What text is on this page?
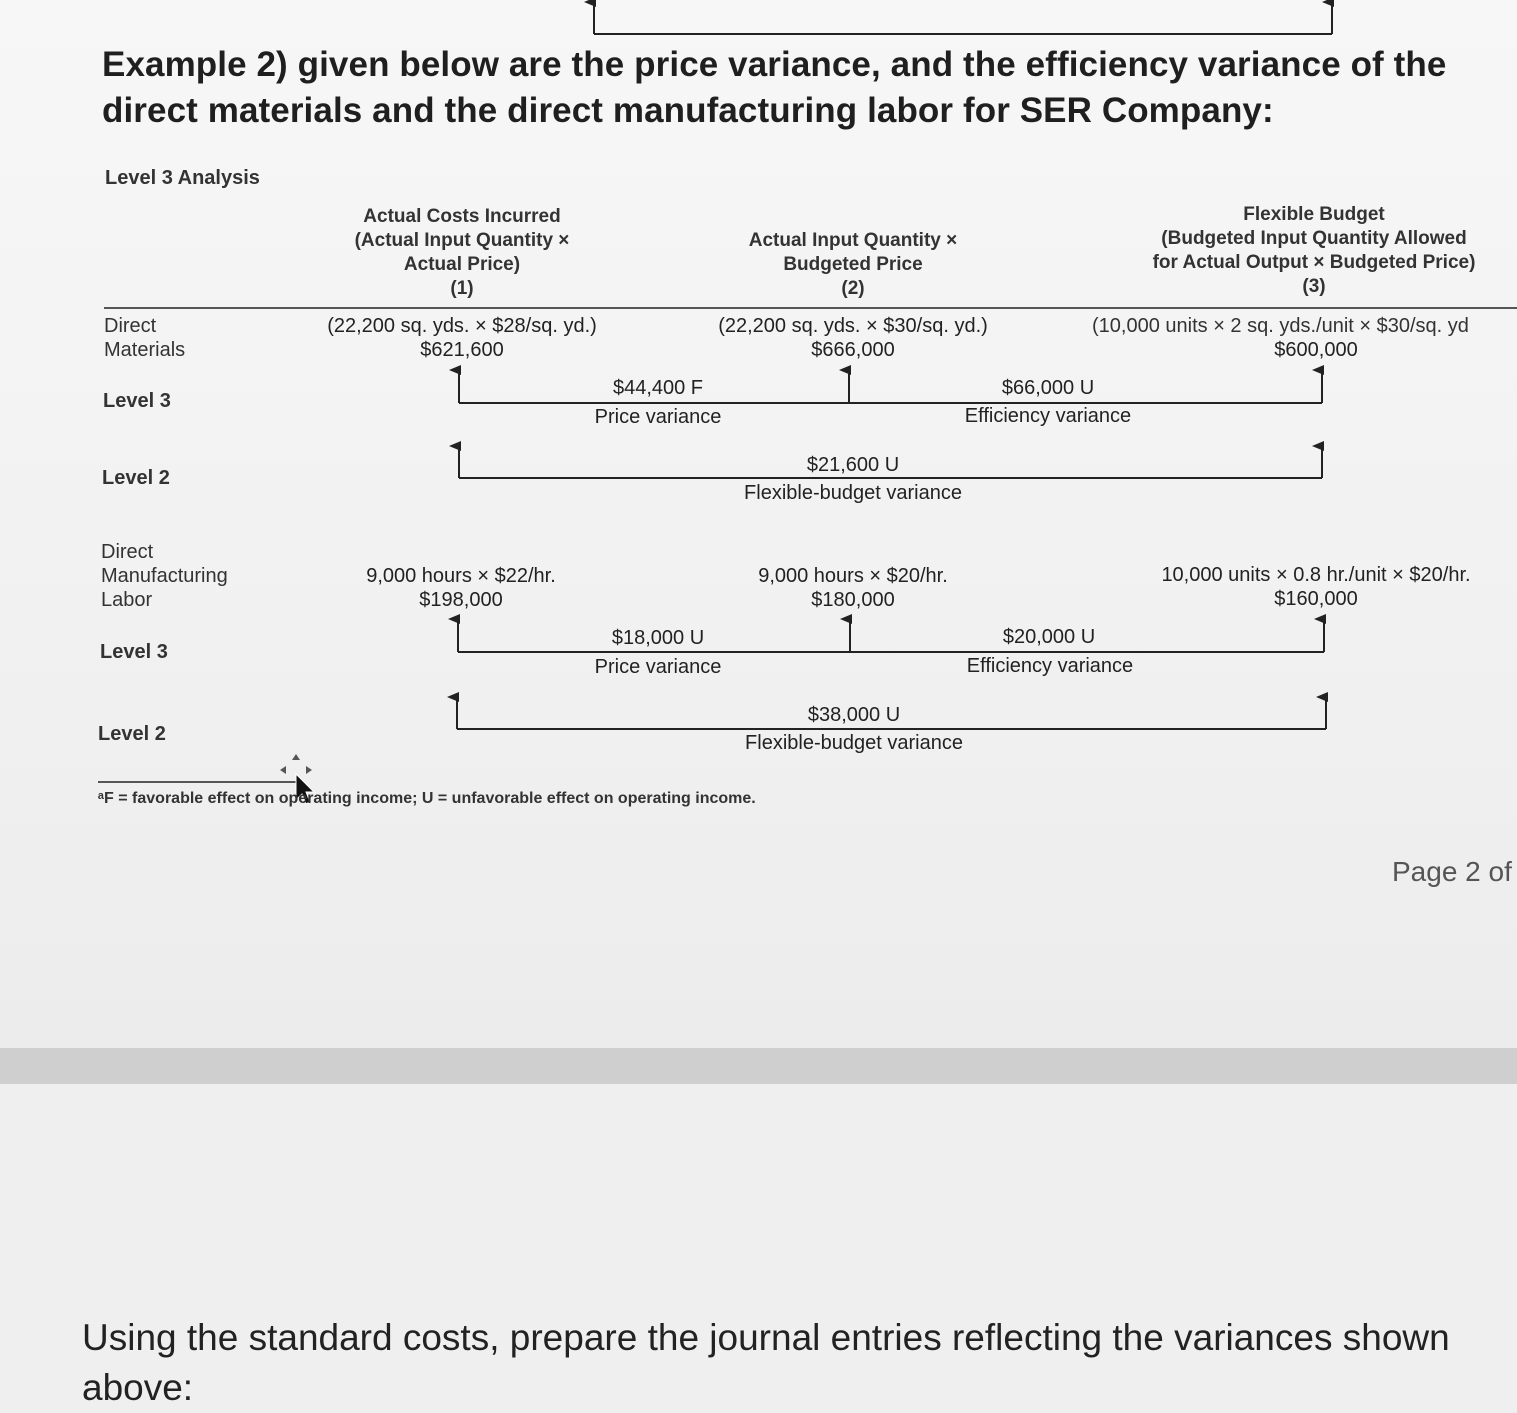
Example 2) given below are the price variance, and the efficiency variance of the
direct materials and the direct manufacturing labor for SER Company:
Level 3 Analysis
Actual Costs Incurred
(Actual Input Quantity ×
Actual Price)
(1)
Actual Input Quantity ×
Budgeted Price
(2)
Flexible Budget
(Budgeted Input Quantity Allowed
for Actual Output × Budgeted Price)
(3)
Direct
Materials
(22,200 sq. yds. × $28/sq. yd.)
$621,600
(22,200 sq. yds. × $30/sq. yd.)
$666,000
(10,000 units × 2 sq. yds./unit × $30/sq. yd
$600,000
Level 3
$44,400 F
Price variance
$66,000 U
Efficiency variance
Level 2
$21,600 U
Flexible-budget variance
Direct
Manufacturing
Labor
9,000 hours × $22/hr.
$198,000
9,000 hours × $20/hr.
$180,000
10,000 units × 0.8 hr./unit × $20/hr.
$160,000
Level 3
$18,000 U
Price variance
$20,000 U
Efficiency variance
Level 2
$38,000 U
Flexible-budget variance
ᵃF = favorable effect on operating income; U = unfavorable effect on operating income.
Page 2 of
Using the standard costs, prepare the journal entries reflecting the variances shown
above:
